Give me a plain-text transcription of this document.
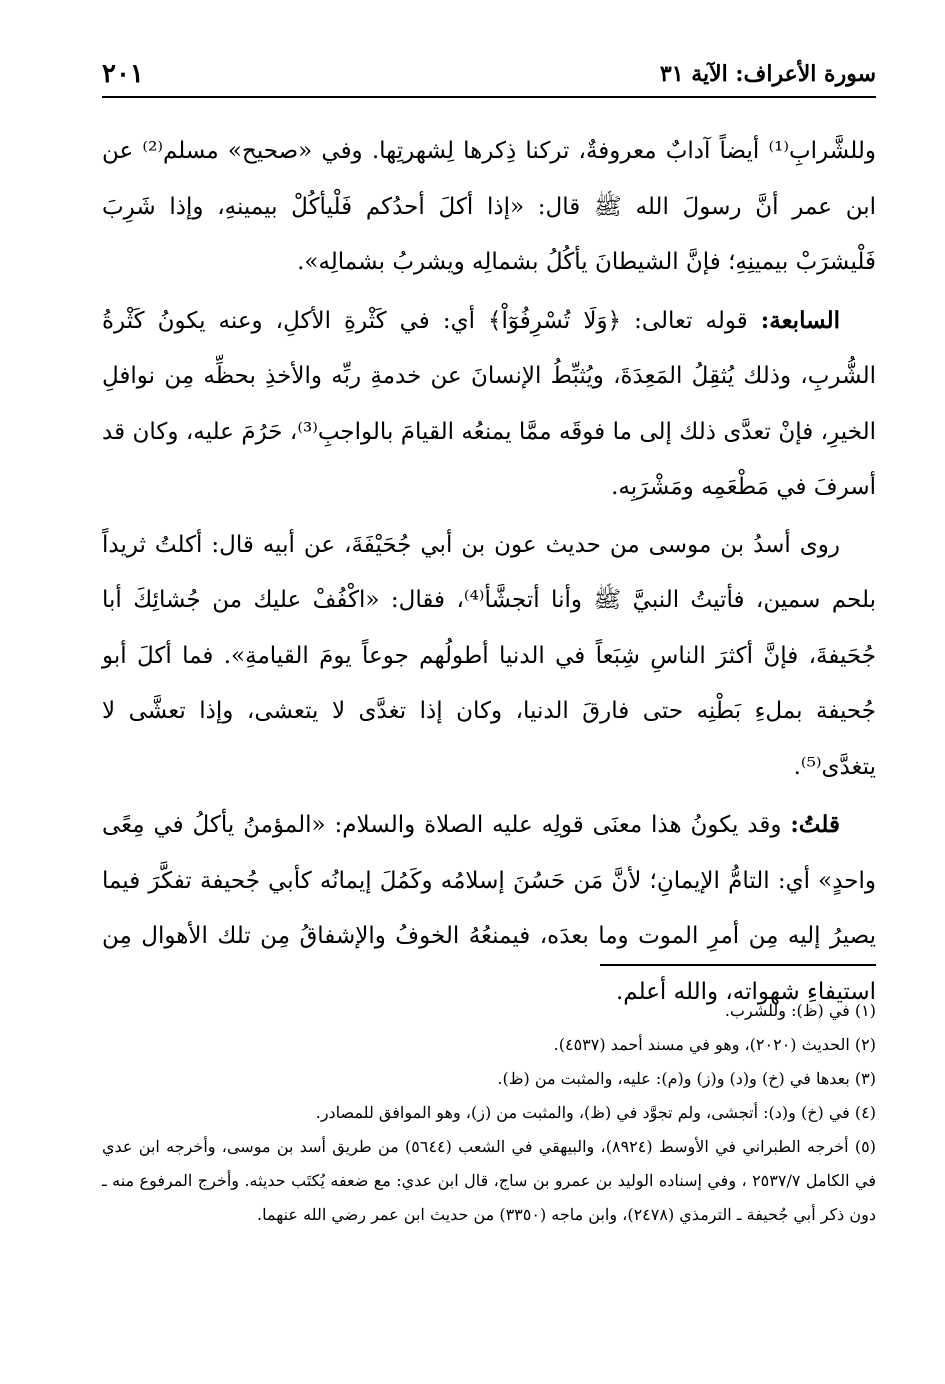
سورة الأعراف: الآية ٣١
٢٠١

وللشَّرابِ⁽¹⁾ أيضاً آدابٌ معروفةٌ، تركنا ذِكرها لِشهرتِها. وفي «صحيح» مسلم⁽²⁾ عن ابن عمر أنَّ رسولَ الله ﷺ قال: «إذا أكلَ أحدُكم فَلْيأكُلْ بيمينهِ، وإذا شَرِبَ فَلْيشرَبْ بيمينِهِ؛ فإنَّ الشيطانَ يأكُلُ بشمالِه ويشربُ بشمالِه».

السابعة: قوله تعالى: ﴿وَلَا تُسْرِفُوٓاْ﴾ أي: في كَثْرةِ الأكلِ، وعنه يكونُ كَثْرةُ الشُّربِ، وذلك يُثقِلُ المَعِدَةَ، ويُثبِّطُ الإنسانَ عن خدمةِ ربِّه والأخذِ بحظِّه مِن نوافلِ الخيرِ، فإنْ تعدَّى ذلك إلى ما فوقَه ممَّا يمنعُه القيامَ بالواجبِ⁽³⁾، حَرُمَ عليه، وكان قد أسرفَ في مَطْعَمِه ومَشْرَبِه.

روى أسدُ بن موسى من حديث عون بن أبي جُحَيْفَةَ، عن أبيه قال: أكلتُ ثريداً بلحم سمين، فأتيتُ النبيَّ ﷺ وأنا أتجشَّأ⁽⁴⁾، فقال: «اكْفُفْ عليك من جُشائِكَ أبا جُحَيفةَ، فإنَّ أكثرَ الناسِ شِبَعاً في الدنيا أطولُهم جوعاً يومَ القيامةِ». فما أكلَ أبو جُحيفة بملءِ بَطْنِه حتى فارقَ الدنيا، وكان إذا تغدَّى لا يتعشى، وإذا تعشَّى لا يتغدَّى⁽⁵⁾.

قلتُ: وقد يكونُ هذا معنَى قولِه عليه الصلاة والسلام: «المؤمنُ يأكلُ في مِعًى واحدٍ» أي: التامُّ الإيمانِ؛ لأنَّ مَن حَسُنَ إسلامُه وكَمُلَ إيمانُه كأبي جُحيفة تفكَّرَ فيما يصيرُ إليه مِن أمرِ الموت وما بعدَه، فيمنعُهُ الخوفُ والإشفاقُ مِن تلك الأهوال مِن استيفاءِ شهواته، والله أعلم.

(١) في (ظ): وللشرب.

(٢) الحديث (٢٠٢٠)، وهو في مسند أحمد (٤٥٣٧).

(٣) بعدها في (خ) و(د) و(ز) و(م): عليه، والمثبت من (ظ).

(٤) في (خ) و(د): أتجشى، ولم تجوَّد في (ظ)، والمثبت من (ز)، وهو الموافق للمصادر.

(٥) أخرجه الطبراني في الأوسط (٨٩٢٤)، والبيهقي في الشعب (٥٦٤٤) من طريق أسد بن موسى، وأخرجه ابن عدي في الكامل ٢٥٣٧/٧ ، وفي إسناده الوليد بن عمرو بن ساج، قال ابن عدي: مع ضعفه يُكتَب حديثه. وأخرج المرفوع منه ـ دون ذكر أبي جُحيفة ـ الترمذي (٢٤٧٨)، وابن ماجه (٣٣٥٠) من حديث ابن عمر رضي الله عنهما.
